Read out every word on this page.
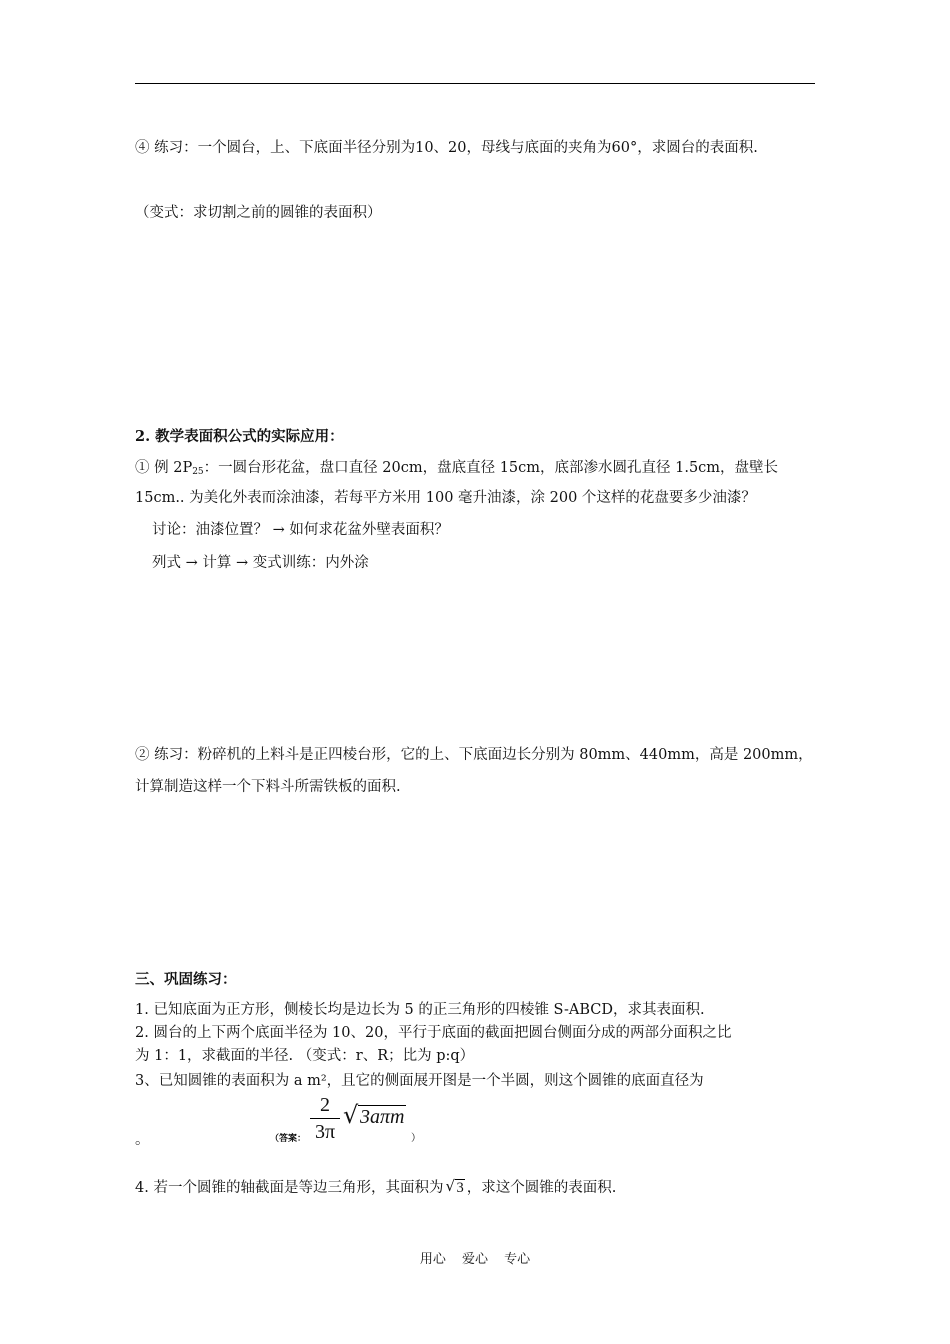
④ 练习：一个圆台，上、下底面半径分别为10、20，母线与底面的夹角为60°，求圆台的表面积.
（变式：求切割之前的圆锥的表面积）
2. 教学表面积公式的实际应用：
① 例 $2P_{25}$：一圆台形花盆，盘口直径 20cm，盘底直径 15cm，底部渗水圆孔直径 1.5cm，盘壁长
15cm.. 为美化外表而涂油漆，若每平方米用 100 毫升油漆，涂 200 个这样的花盘要多少油漆？
讨论：油漆位置？ → 如何求花盆外壁表面积？
列式 → 计算 → 变式训练：内外涂
② 练习：粉碎机的上料斗是正四棱台形，它的上、下底面边长分别为 80mm、440mm，高是 200mm，
计算制造这样一个下料斗所需铁板的面积.
三、巩固练习：
1. 已知底面为正方形，侧棱长均是边长为 5 的正三角形的四棱锥 S-ABCD，求其表面积.
2. 圆台的上下两个底面半径为 10、20，平行于底面的截面把圆台侧面分成的两部分面积之比
为 1：1，求截面的半径. （变式：r、R；比为 p:q）
3、已知圆锥的表面积为 a m²，且它的侧面展开图是一个半圆，则这个圆锥的底面直径为
（答案：
2
3π
√ 3aπm
）
。
4. 若一个圆锥的轴截面是等边三角形，其面积为√ 3 ，求这个圆锥的表面积.
用心 爱心 专心
